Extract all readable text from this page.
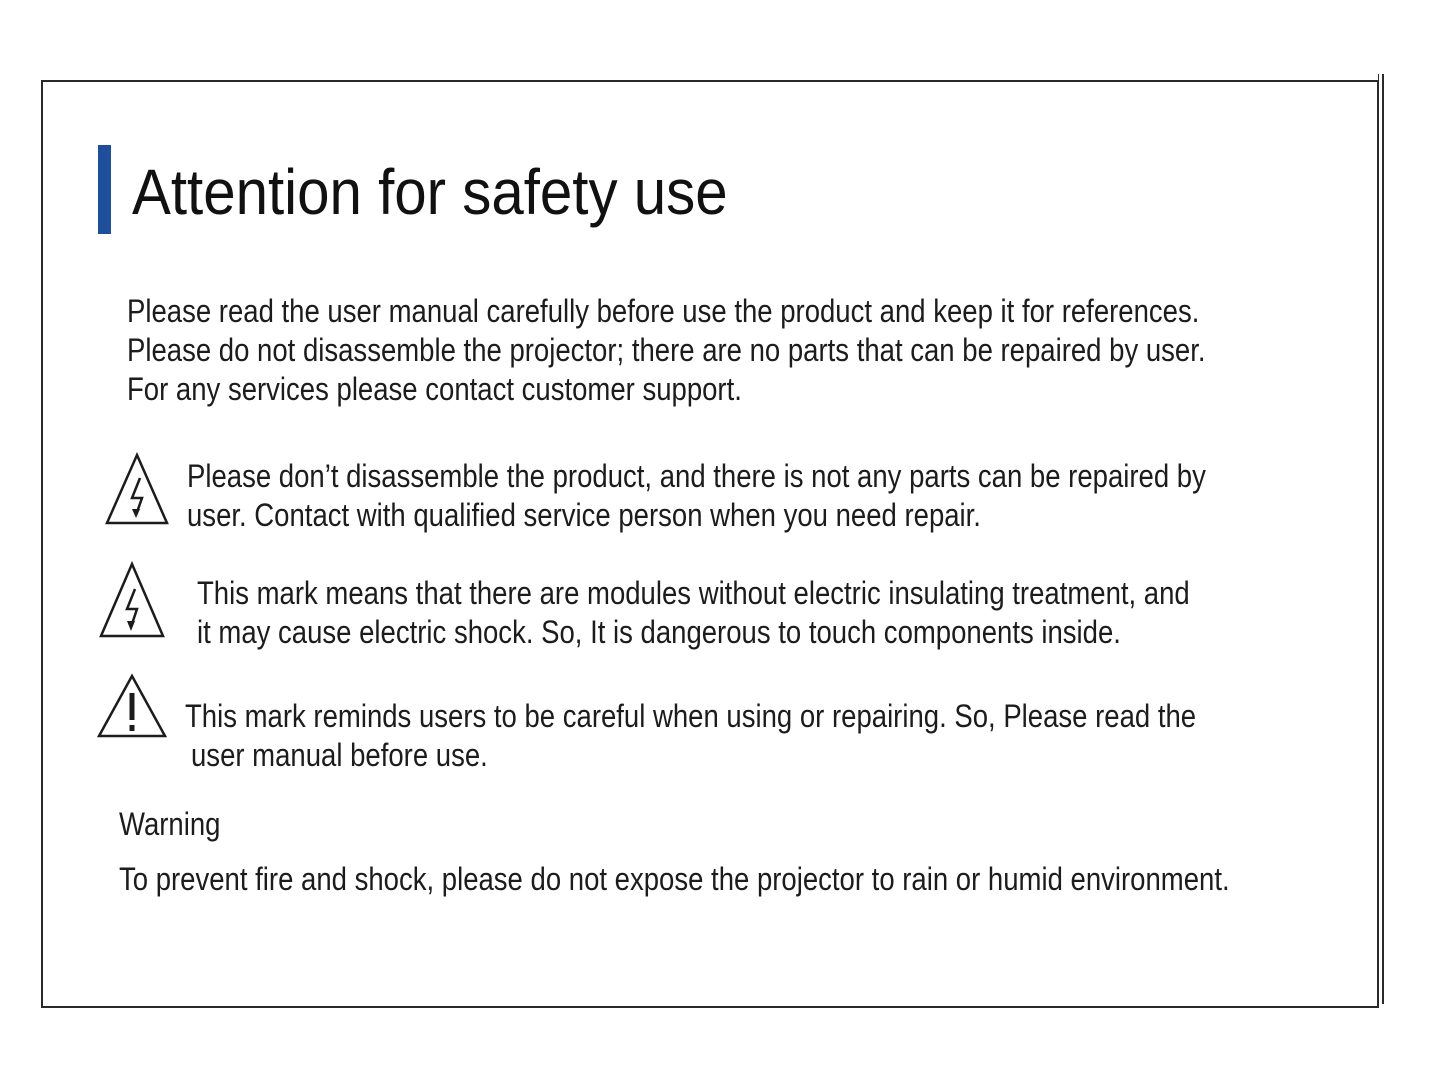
Attention for safety use

Please read the user manual carefully before use the product and keep it for references.

Please do not disassemble the projector; there are no parts that can be repaired by user.

For any services please contact customer support.

Please don’t disassemble the product, and there is not any parts can be repaired by

user. Contact with qualified service person when you need repair.

This mark means that there are modules without electric insulating treatment, and

it may cause electric shock. So, It is dangerous to touch components inside.

This mark reminds users to be careful when using or repairing. So, Please read the

user manual before use.

Warning

To prevent fire and shock, please do not expose the projector to rain or humid environment.
